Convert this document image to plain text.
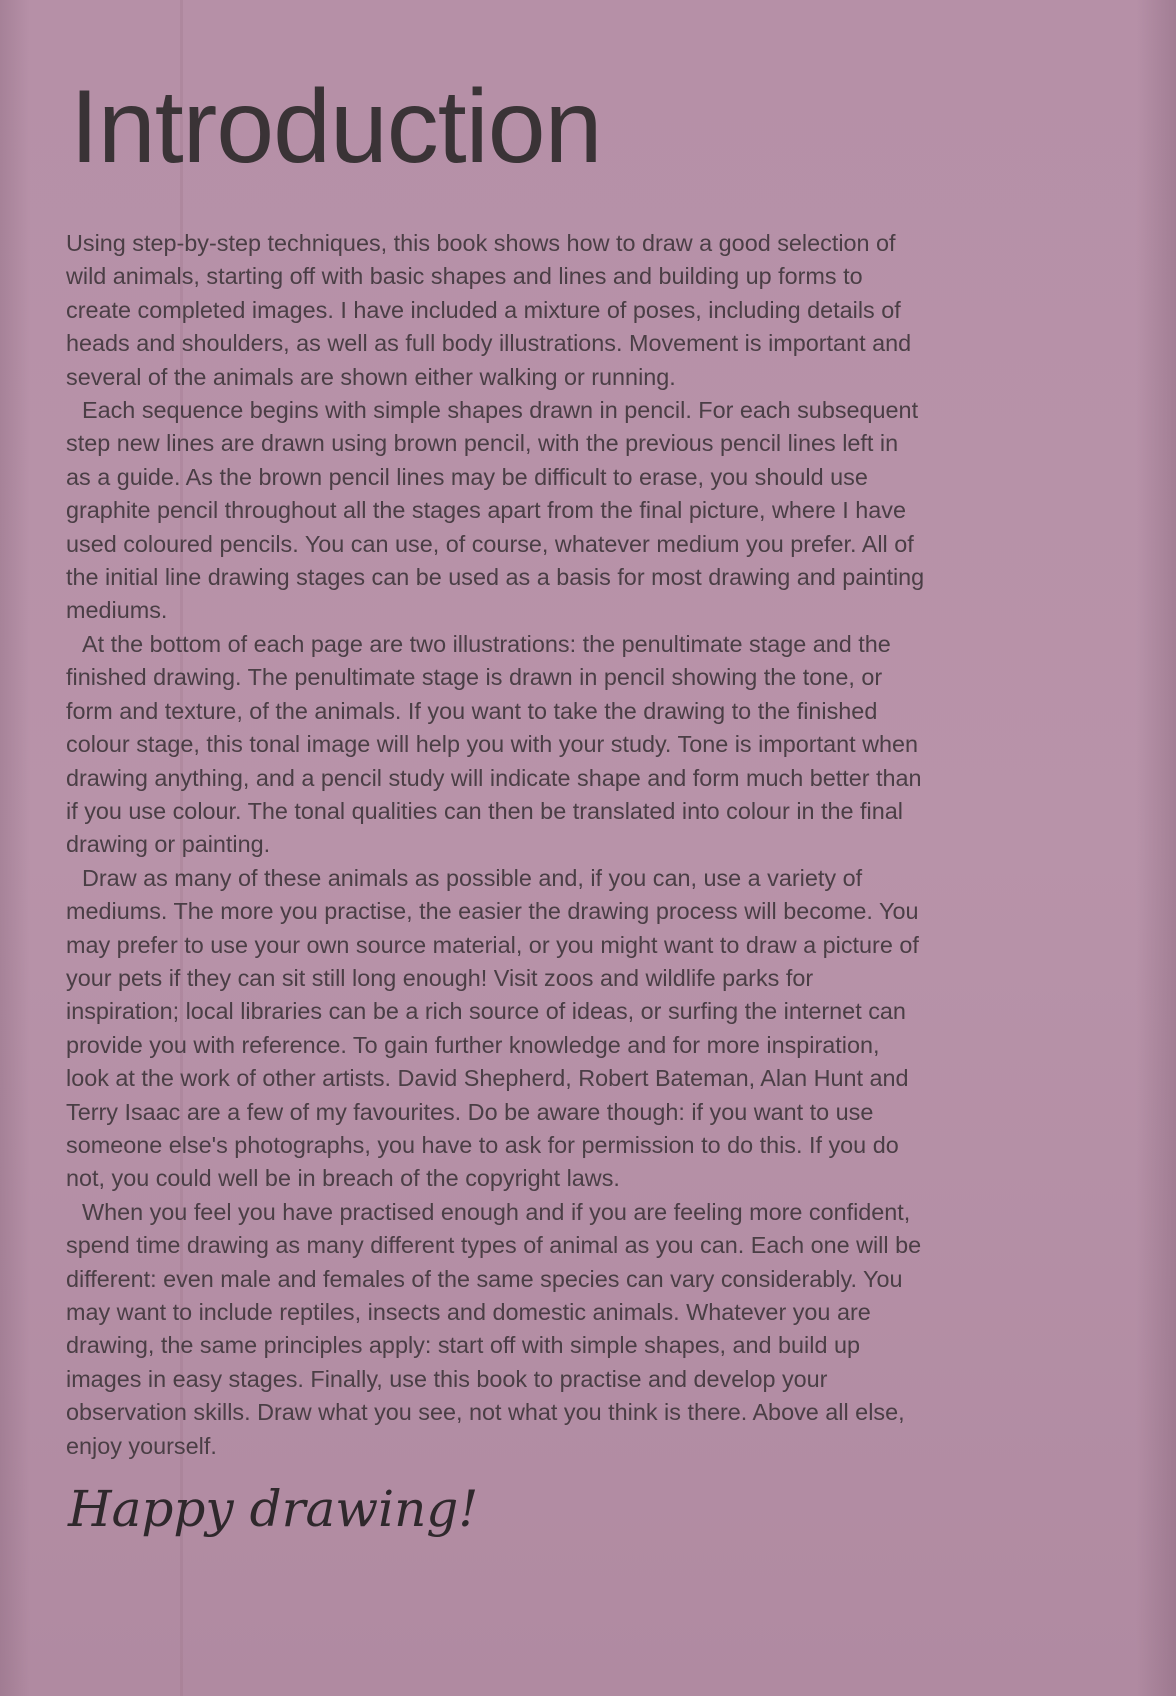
Introduction

Using step-by-step techniques, this book shows how to draw a good selection of wild animals, starting off with basic shapes and lines and building up forms to create completed images. I have included a mixture of poses, including details of heads and shoulders, as well as full body illustrations. Movement is important and several of the animals are shown either walking or running.

Each sequence begins with simple shapes drawn in pencil. For each subsequent step new lines are drawn using brown pencil, with the previous pencil lines left in as a guide. As the brown pencil lines may be difficult to erase, you should use graphite pencil throughout all the stages apart from the final picture, where I have used coloured pencils. You can use, of course, whatever medium you prefer. All of the initial line drawing stages can be used as a basis for most drawing and painting mediums.

At the bottom of each page are two illustrations: the penultimate stage and the finished drawing. The penultimate stage is drawn in pencil showing the tone, or form and texture, of the animals. If you want to take the drawing to the finished colour stage, this tonal image will help you with your study. Tone is important when drawing anything, and a pencil study will indicate shape and form much better than if you use colour. The tonal qualities can then be translated into colour in the final drawing or painting.

Draw as many of these animals as possible and, if you can, use a variety of mediums. The more you practise, the easier the drawing process will become. You may prefer to use your own source material, or you might want to draw a picture of your pets if they can sit still long enough! Visit zoos and wildlife parks for inspiration; local libraries can be a rich source of ideas, or surfing the internet can provide you with reference. To gain further knowledge and for more inspiration, look at the work of other artists. David Shepherd, Robert Bateman, Alan Hunt and Terry Isaac are a few of my favourites. Do be aware though: if you want to use someone else's photographs, you have to ask for permission to do this. If you do not, you could well be in breach of the copyright laws.

When you feel you have practised enough and if you are feeling more confident, spend time drawing as many different types of animal as you can. Each one will be different: even male and females of the same species can vary considerably. You may want to include reptiles, insects and domestic animals. Whatever you are drawing, the same principles apply: start off with simple shapes, and build up images in easy stages. Finally, use this book to practise and develop your observation skills. Draw what you see, not what you think is there. Above all else, enjoy yourself.

Happy drawing!
